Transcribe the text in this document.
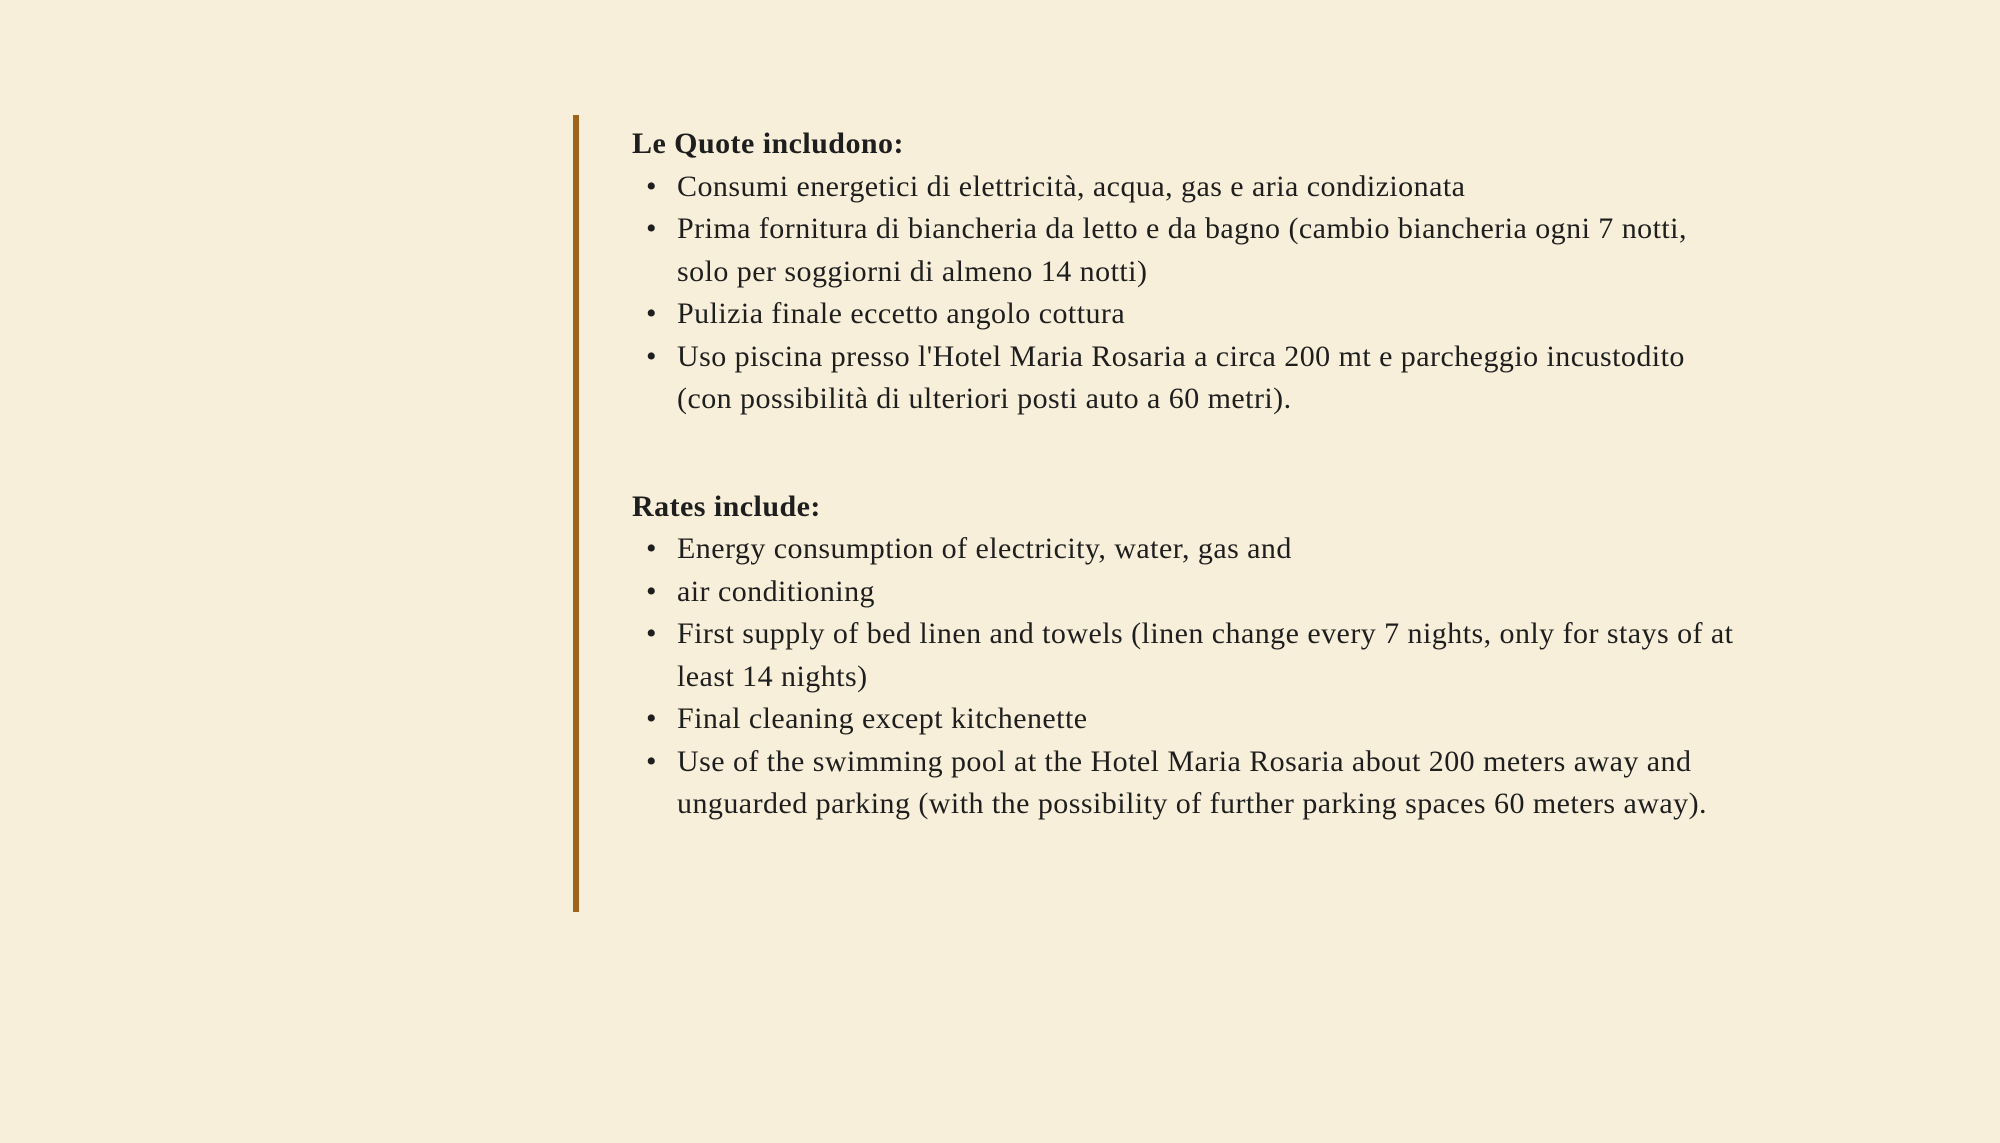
Le Quote includono:

• Consumi energetici di elettricità, acqua, gas e aria condizionata
• Prima fornitura di biancheria da letto e da bagno (cambio biancheria ogni 7 notti, solo per soggiorni di almeno 14 notti)
• Pulizia finale eccetto angolo cottura
• Uso piscina presso l'Hotel Maria Rosaria a circa 200 mt e parcheggio incustodito (con possibilità di ulteriori posti auto a 60 metri).

Rates include:

• Energy consumption of electricity, water, gas and
• air conditioning
• First supply of bed linen and towels (linen change every 7 nights, only for stays of at least 14 nights)
• Final cleaning except kitchenette
• Use of the swimming pool at the Hotel Maria Rosaria about 200 meters away and unguarded parking (with the possibility of further parking spaces 60 meters away).
